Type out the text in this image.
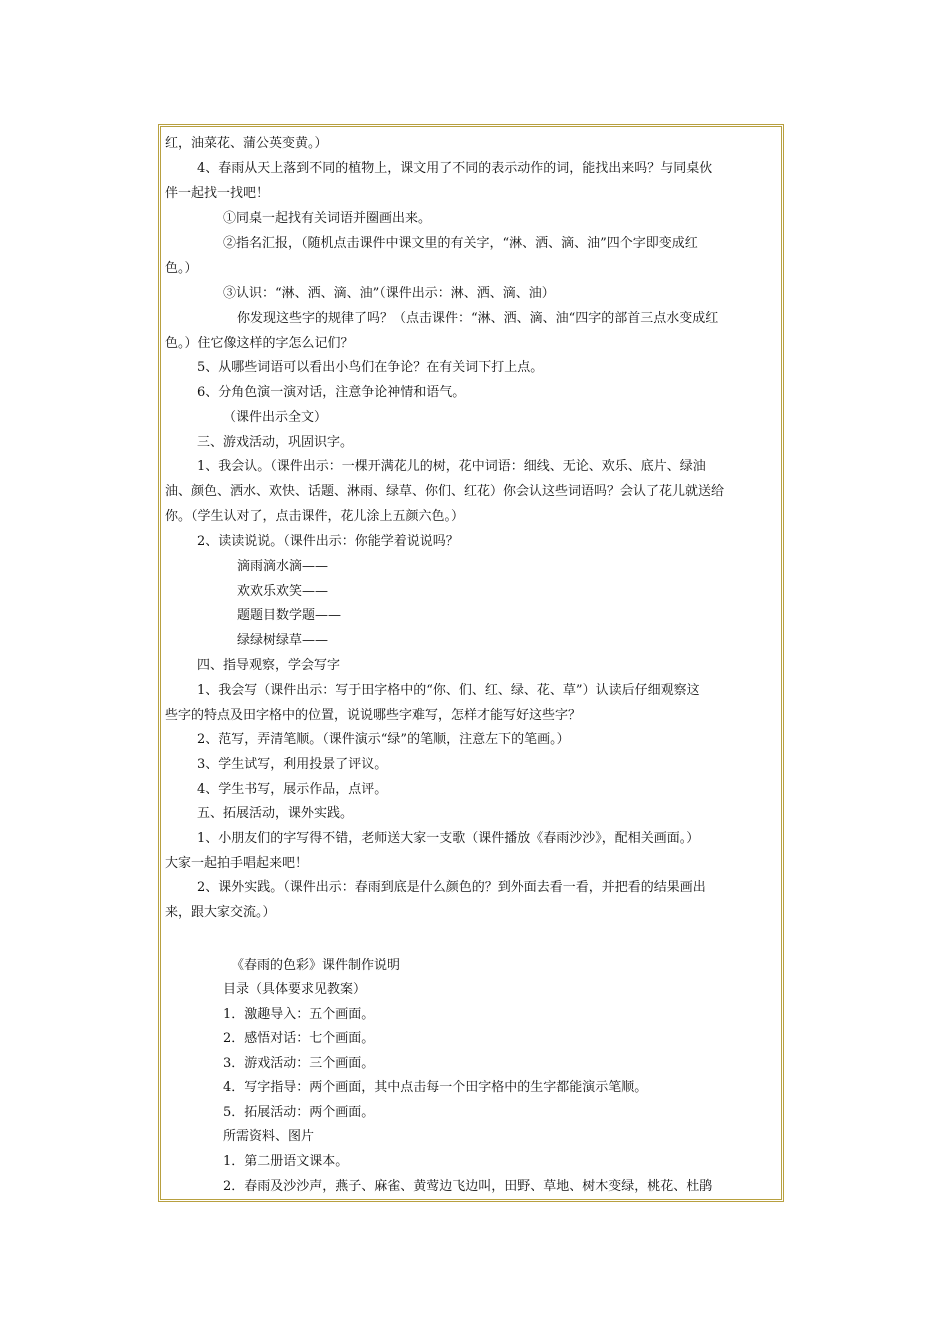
红，油菜花、蒲公英变黄。）
4、春雨从天上落到不同的植物上，课文用了不同的表示动作的词，能找出来吗？与同桌伙
伴一起找一找吧！
①同桌一起找有关词语并圈画出来。
②指名汇报，（随机点击课件中课文里的有关字，“淋、洒、滴、油”四个字即变成红
色。）
③认识：“淋、洒、滴、油”（课件出示：淋、洒、滴、油）
你发现这些字的规律了吗？（点击课件：“淋、洒、滴、油“四字的部首三点水变成红
色。）住它像这样的字怎么记们？
5、从哪些词语可以看出小鸟们在争论？在有关词下打上点。
6、分角色演一演对话，注意争论神情和语气。
（课件出示全文）
三、游戏活动，巩固识字。
1、我会认。（课件出示：一棵开满花儿的树，花中词语：细线、无论、欢乐、底片、绿油
油、颜色、洒水、欢快、话题、淋雨、绿草、你们、红花）你会认这些词语吗？会认了花儿就送给
你。（学生认对了，点击课件，花儿涂上五颜六色。）
2、读读说说。（课件出示：你能学着说说吗？
滴雨滴水滴——
欢欢乐欢笑——
题题目数学题——
绿绿树绿草——
四、指导观察，学会写字
1、我会写（课件出示：写于田字格中的“你、们、红、绿、花、草”）认读后仔细观察这
些字的特点及田字格中的位置，说说哪些字难写，怎样才能写好这些字？
2、范写，弄清笔顺。（课件演示“绿”的笔顺，注意左下的笔画。）
3、学生试写，利用投景了评议。
4、学生书写，展示作品，点评。
五、拓展活动，课外实践。
1、小朋友们的字写得不错，老师送大家一支歌（课件播放《春雨沙沙》，配相关画面。）
大家一起拍手唱起来吧！
2、课外实践。（课件出示：春雨到底是什么颜色的？到外面去看一看，并把看的结果画出
来，跟大家交流。）
《春雨的色彩》课件制作说明
目录（具体要求见教案）
1．激趣导入：五个画面。
2．感悟对话：七个画面。
3．游戏活动：三个画面。
4．写字指导：两个画面，其中点击每一个田字格中的生字都能演示笔顺。
5．拓展活动：两个画面。
所需资料、图片
1．第二册语文课本。
2．春雨及沙沙声，燕子、麻雀、黄莺边飞边叫，田野、草地、树木变绿，桃花、杜鹃
